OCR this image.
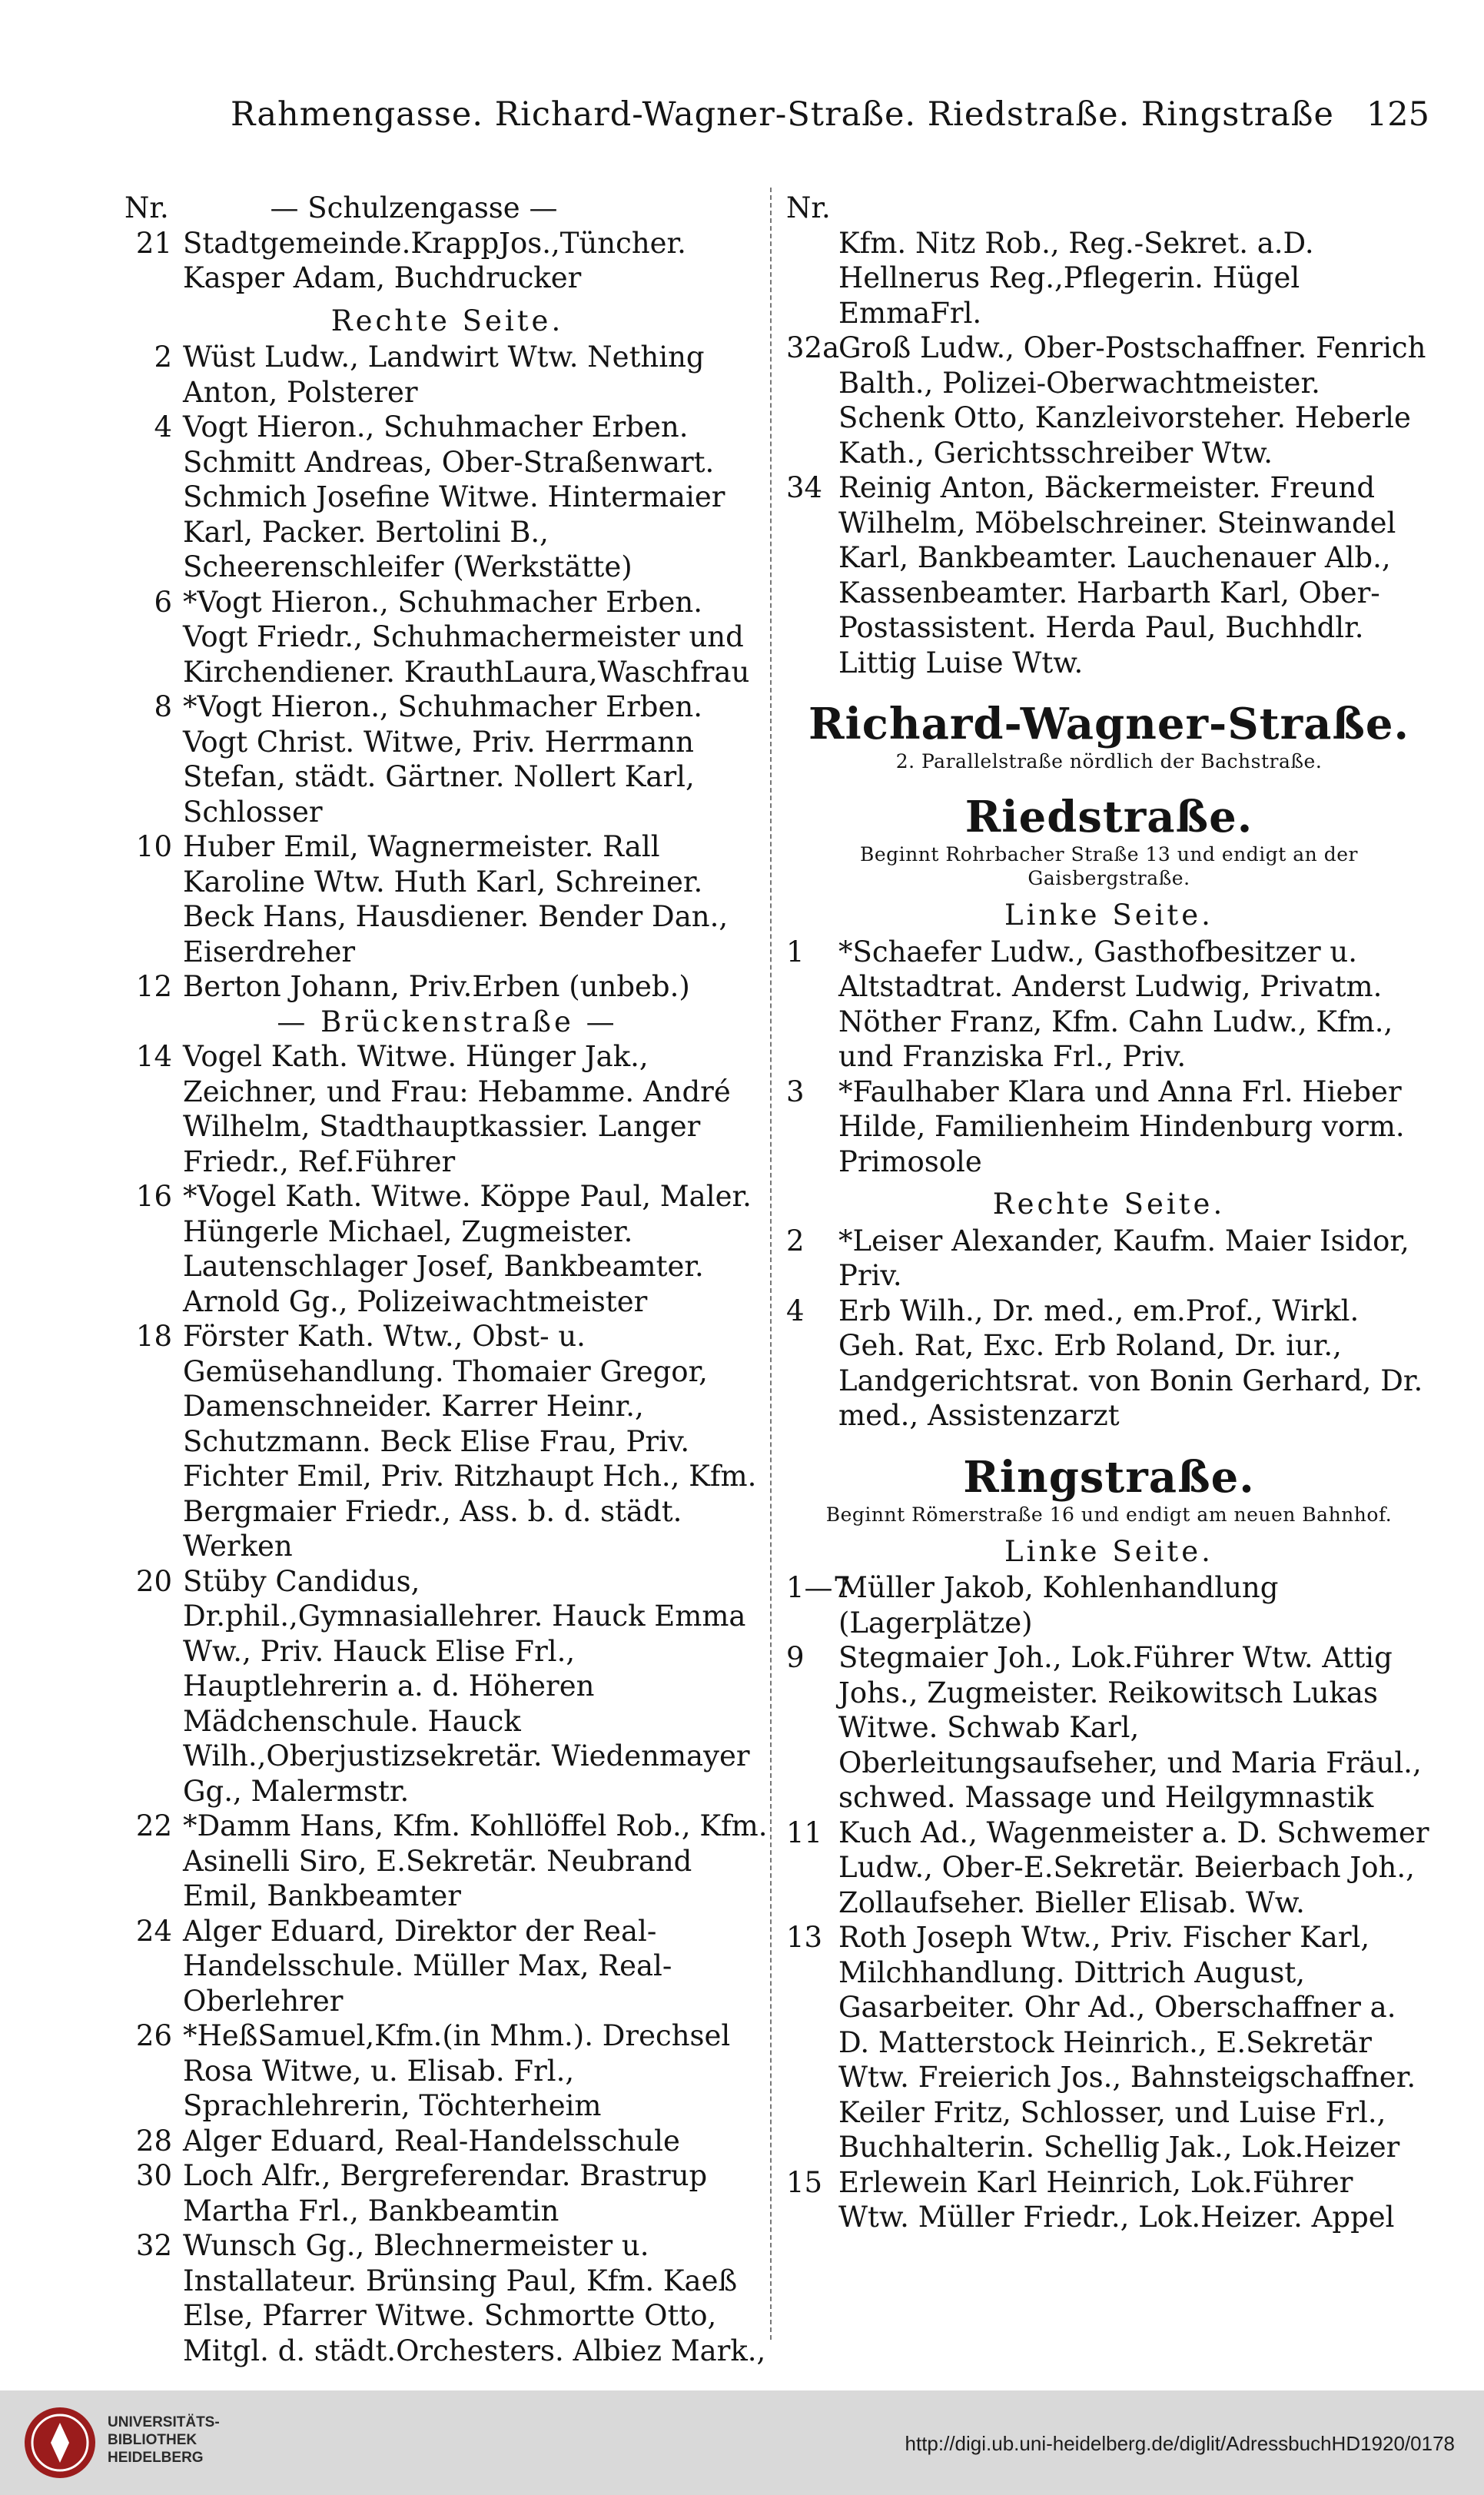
Rahmengasse. Richard-Wagner-Straße. Riedstraße. Ringstraße 125
Nr.	— Schulzengasse —
21 Stadtgemeinde.KrappJos.,Tüncher. Kasper Adam, Buchdrucker
Rechte Seite.
2 Wüst Ludw., Landwirt Wtw. Nething Anton, Polsterer
4 Vogt Hieron., Schuhmacher Erben. Schmitt Andreas, Ober-Straßenwart. Schmich Josefine Witwe. Hintermaier Karl, Packer. Bertolini B., Scheerenschleifer (Werkstätte)
6 *Vogt Hieron., Schuhmacher Erben. Vogt Friedr., Schuhmachermeister und Kirchendiener. KrauthLaura,Waschfrau
8 *Vogt Hieron., Schuhmacher Erben. Vogt Christ. Witwe, Priv. Herrmann Stefan, städt. Gärtner. Nollert Karl, Schlosser
10 Huber Emil, Wagnermeister. Rall Karoline Wtw. Huth Karl, Schreiner. Beck Hans, Hausdiener. Bender Dan., Eiserdreher
12 Berton Johann, Priv.Erben (unbeb.)
— Brückenstraße —
14 Vogel Kath. Witwe. Hünger Jak., Zeichner, und Frau: Hebamme. André Wilhelm, Stadthauptkassier. Langer Friedr., Ref.Führer
16 *Vogel Kath. Witwe. Köppe Paul, Maler. Hüngerle Michael, Zugmeister. Lautenschlager Josef, Bankbeamter. Arnold Gg., Polizeiwachtmeister
18 Förster Kath. Wtw., Obst- u. Gemüsehandlung. Thomaier Gregor, Damenschneider. Karrer Heinr., Schutzmann. Beck Elise Frau, Priv. Fichter Emil, Priv. Ritzhaupt Hch., Kfm. Bergmaier Friedr., Ass. b. d. städt. Werken
20 Stüby Candidus, Dr.phil.,Gymnasiallehrer. Hauck Emma Ww., Priv. Hauck Elise Frl., Hauptlehrerin a. d. Höheren Mädchenschule. Hauck Wilh.,Oberjustizsekretär. Wiedenmayer Gg., Malermstr.
22 *Damm Hans, Kfm. Kohllöffel Rob., Kfm. Asinelli Siro, E.Sekretär. Neubrand Emil, Bankbeamter
24 Alger Eduard, Direktor der Real-Handelsschule. Müller Max, Real-Oberlehrer
26 *HeßSamuel,Kfm.(in Mhm.). Drechsel Rosa Witwe, u. Elisab. Frl., Sprachlehrerin, Töchterheim
28 Alger Eduard, Real-Handelsschule
30 Loch Alfr., Bergreferendar. Brastrup Martha Frl., Bankbeamtin
32 Wunsch Gg., Blechnermeister u. Installateur. Brünsing Paul, Kfm. Kaeß Else, Pfarrer Witwe. Schmortte Otto, Mitgl. d. städt.Orchesters. Albiez Mark.,
Nr.
Kfm. Nitz Rob., Reg.-Sekret. a.D. Hellnerus Reg.,Pflegerin. Hügel EmmaFrl.
32a
Groß Ludw., Ober-Postschaffner. Fenrich Balth., Polizei-Oberwachtmeister. Schenk Otto, Kanzleivorsteher. Heberle Kath., Gerichtsschreiber Wtw.
34 Reinig Anton, Bäckermeister. Freund Wilhelm, Möbelschreiner. Steinwandel Karl, Bankbeamter. Lauchenauer Alb., Kassenbeamter. Harbarth Karl, Ober-Postassistent. Herda Paul, Buchhdlr. Littig Luise Wtw.
Richard-Wagner-Straße.
2. Parallelstraße nördlich der Bachstraße.
Riedstraße.
Beginnt Rohrbacher Straße 13 und endigt an der Gaisbergstraße.
Linke Seite.
1 *Schaefer Ludw., Gasthofbesitzer u. Altstadtrat. Anderst Ludwig, Privatm. Nöther Franz, Kfm. Cahn Ludw., Kfm., und Franziska Frl., Priv.
3 *Faulhaber Klara und Anna Frl. Hieber Hilde, Familienheim Hindenburg vorm. Primosole
Rechte Seite.
2 *Leiser Alexander, Kaufm. Maier Isidor, Priv.
4 Erb Wilh., Dr. med., em.Prof., Wirkl. Geh. Rat, Exc. Erb Roland, Dr. iur., Landgerichtsrat. von Bonin Gerhard, Dr. med., Assistenzarzt
Ringstraße.
Beginnt Römerstraße 16 und endigt am neuen Bahnhof.
Linke Seite.
1—7
Müller Jakob, Kohlenhandlung (Lagerplätze)
9 Stegmaier Joh., Lok.Führer Wtw. Attig Johs., Zugmeister. Reikowitsch Lukas Witwe. Schwab Karl, Oberleitungsaufseher, und Maria Fräul., schwed. Massage und Heilgymnastik
11 Kuch Ad., Wagenmeister a. D. Schwemer Ludw., Ober-E.Sekretär. Beierbach Joh., Zollaufseher. Bieller Elisab. Ww.
13 Roth Joseph Wtw., Priv. Fischer Karl, Milchhandlung. Dittrich August, Gasarbeiter. Ohr Ad., Oberschaffner a. D. Matterstock Heinrich., E.Sekretär Wtw. Freierich Jos., Bahnsteigschaffner. Keiler Fritz, Schlosser, und Luise Frl., Buchhalterin. Schellig Jak., Lok.Heizer
15 Erlewein Karl Heinrich, Lok.Führer Wtw. Müller Friedr., Lok.Heizer. Appel
UNIVERSITÄTS-
BIBLIOTHEK
HEIDELBERG
http://digi.ub.uni-heidelberg.de/diglit/AdressbuchHD1920/0178
